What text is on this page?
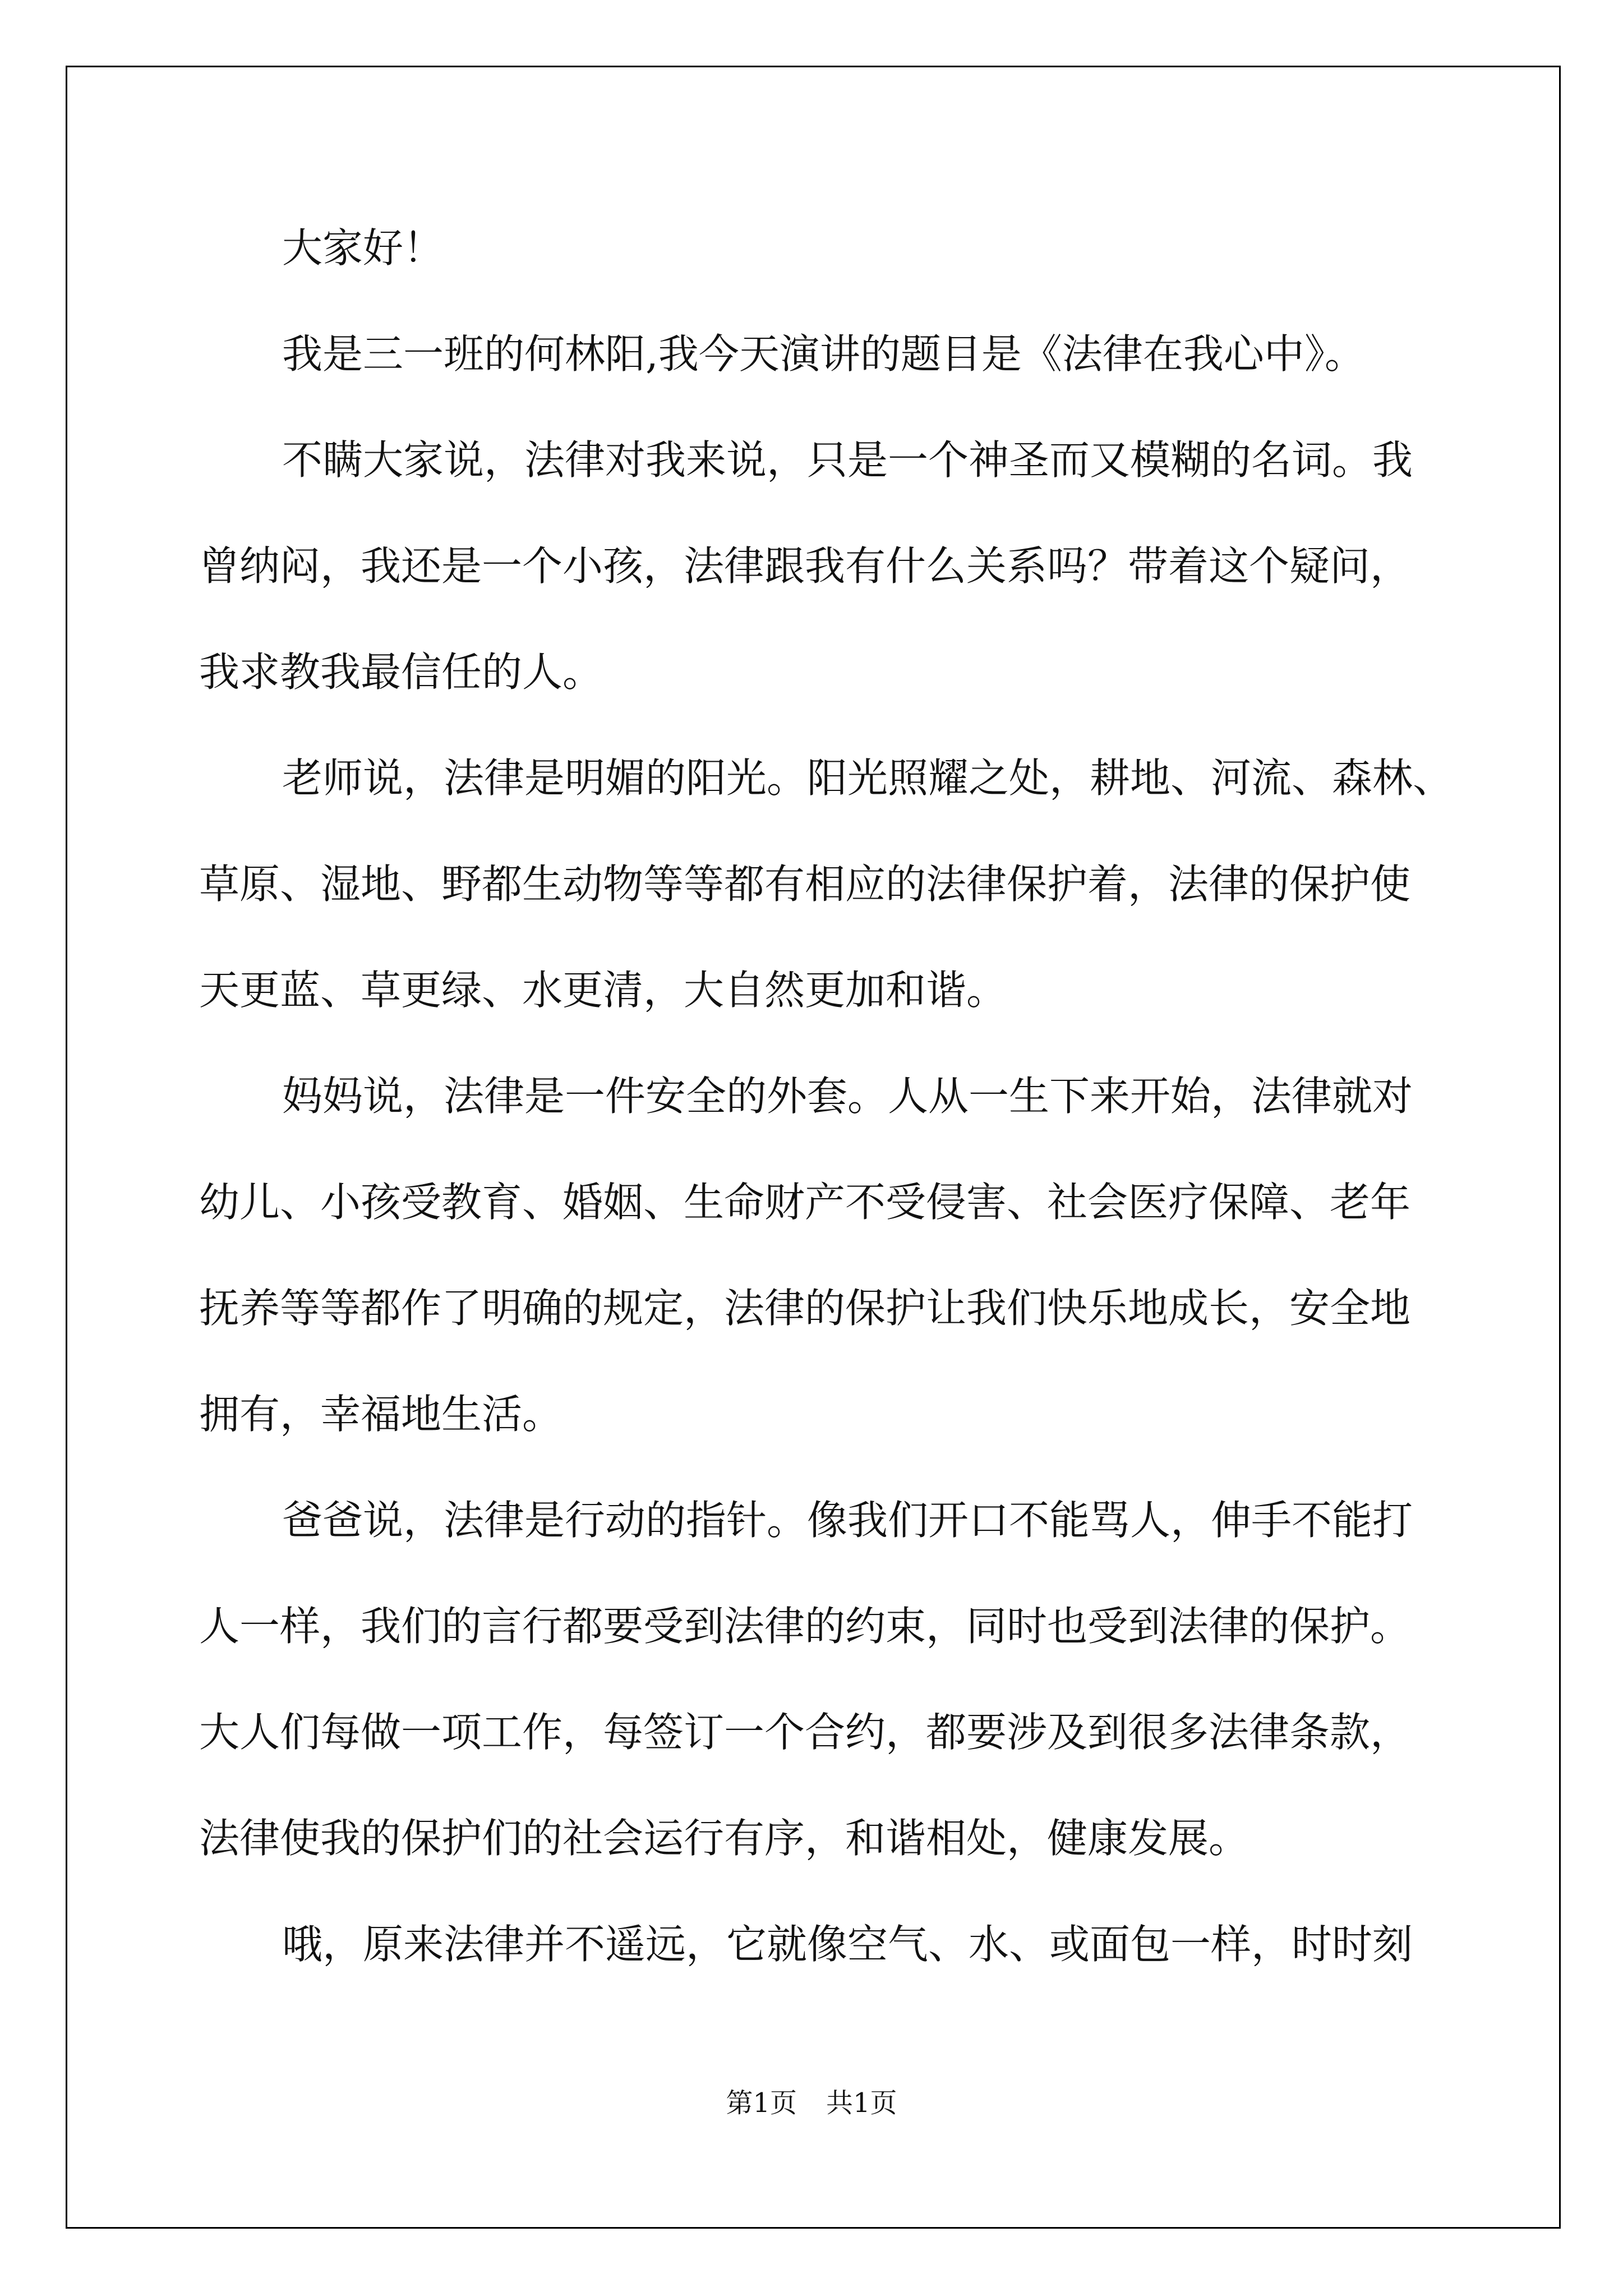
大家好！
我是三一班的何林阳,我今天演讲的题目是《法律在我心中》。
不瞒大家说，法律对我来说，只是一个神圣而又模糊的名词。我
曾纳闷，我还是一个小孩，法律跟我有什么关系吗？带着这个疑问，
我求教我最信任的人。
老师说，法律是明媚的阳光。阳光照耀之处，耕地、河流、森林、
草原、湿地、野都生动物等等都有相应的法律保护着，法律的保护使
天更蓝、草更绿、水更清，大自然更加和谐。
妈妈说，法律是一件安全的外套。人从一生下来开始，法律就对
幼儿、小孩受教育、婚姻、生命财产不受侵害、社会医疗保障、老年
抚养等等都作了明确的规定，法律的保护让我们快乐地成长，安全地
拥有，幸福地生活。
爸爸说，法律是行动的指针。像我们开口不能骂人，伸手不能打
人一样，我们的言行都要受到法律的约束，同时也受到法律的保护。
大人们每做一项工作，每签订一个合约，都要涉及到很多法律条款，
法律使我的保护们的社会运行有序，和谐相处，健康发展。
哦，原来法律并不遥远，它就像空气、水、或面包一样，时时刻
第1页 共1页
